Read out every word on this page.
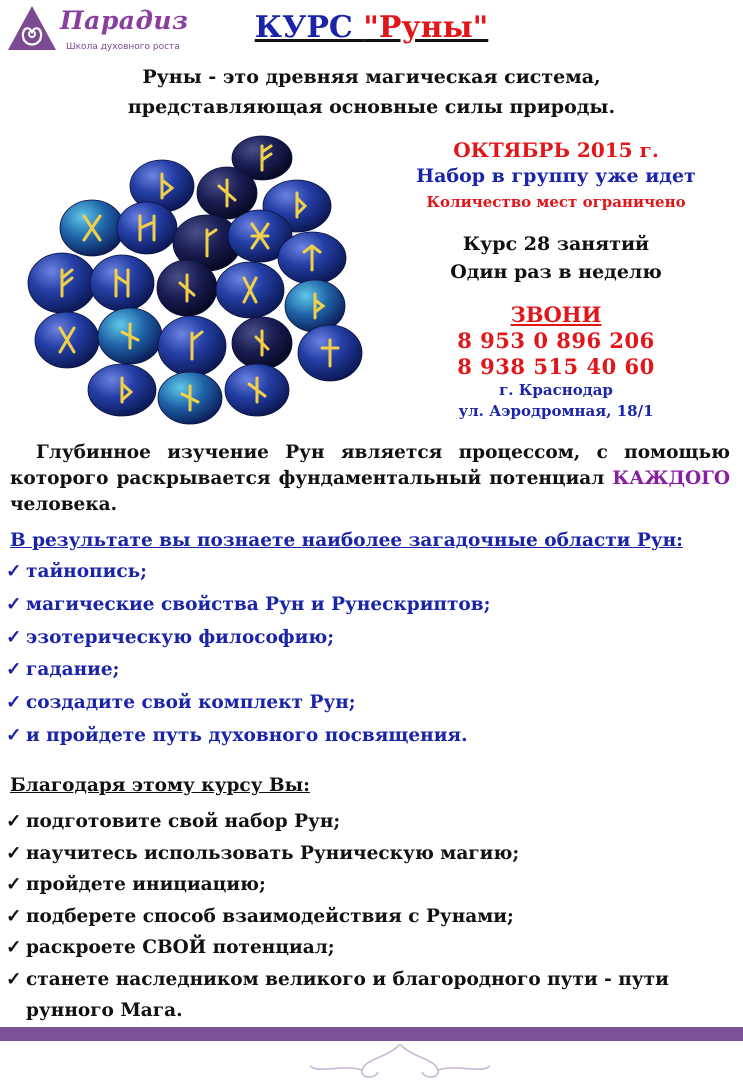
Парадиз
Школа духовного роста
КУРС "Руны"
Руны - это древняя магическая система,
представляющая основные силы природы.
ОКТЯБРЬ 2015 г.
Набор в группу уже идет
Количество мест ограничено
Курс 28 занятий
Один раз в неделю
ЗВОНИ
8 953 0 896 206
8 938 515 40 60
г. Краснодар
ул. Аэродромная, 18/1
Глубинное изучение Рун является процессом, с помощью которого раскрывается фундаментальный потенциал КАЖДОГО человека.
В результате вы познаете наиболее загадочные области Рун:
✓ тайнопись;
✓ магические свойства Рун и Рунескриптов;
✓ эзотерическую философию;
✓ гадание;
✓ создадите свой комплект Рун;
✓ и пройдете путь духовного посвящения.
Благодаря этому курсу Вы:
✓ подготовите свой набор Рун;
✓ научитесь использовать Руническую магию;
✓ пройдете инициацию;
✓ подберете способ взаимодействия с Рунами;
✓ раскроете СВОЙ потенциал;
✓ станете наследником великого и благородного пути - пути рунного Мага.
